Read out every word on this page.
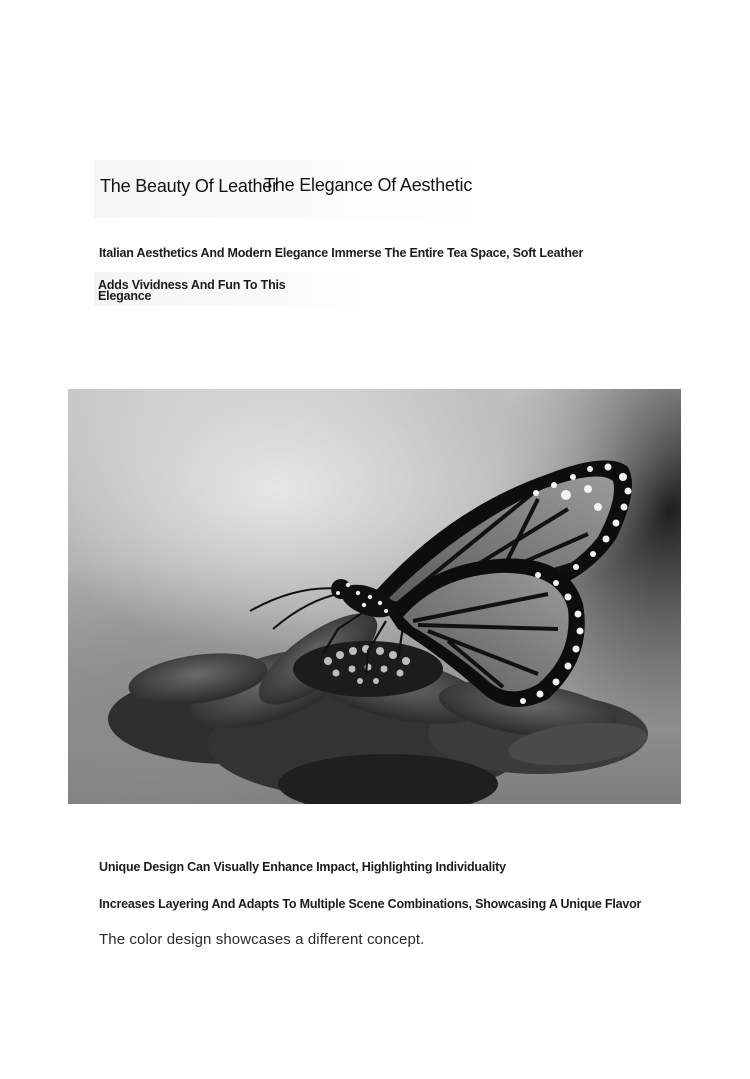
The Beauty Of Leather
The Elegance Of Aesthetic
Italian Aesthetics And Modern Elegance Immerse The Entire Tea Space, Soft Leather
Adds Vividness And Fun To This
Elegance
Unique Design Can Visually Enhance Impact, Highlighting Individuality
Increases Layering And Adapts To Multiple Scene Combinations, Showcasing A Unique Flavor
The color design showcases a different concept.
